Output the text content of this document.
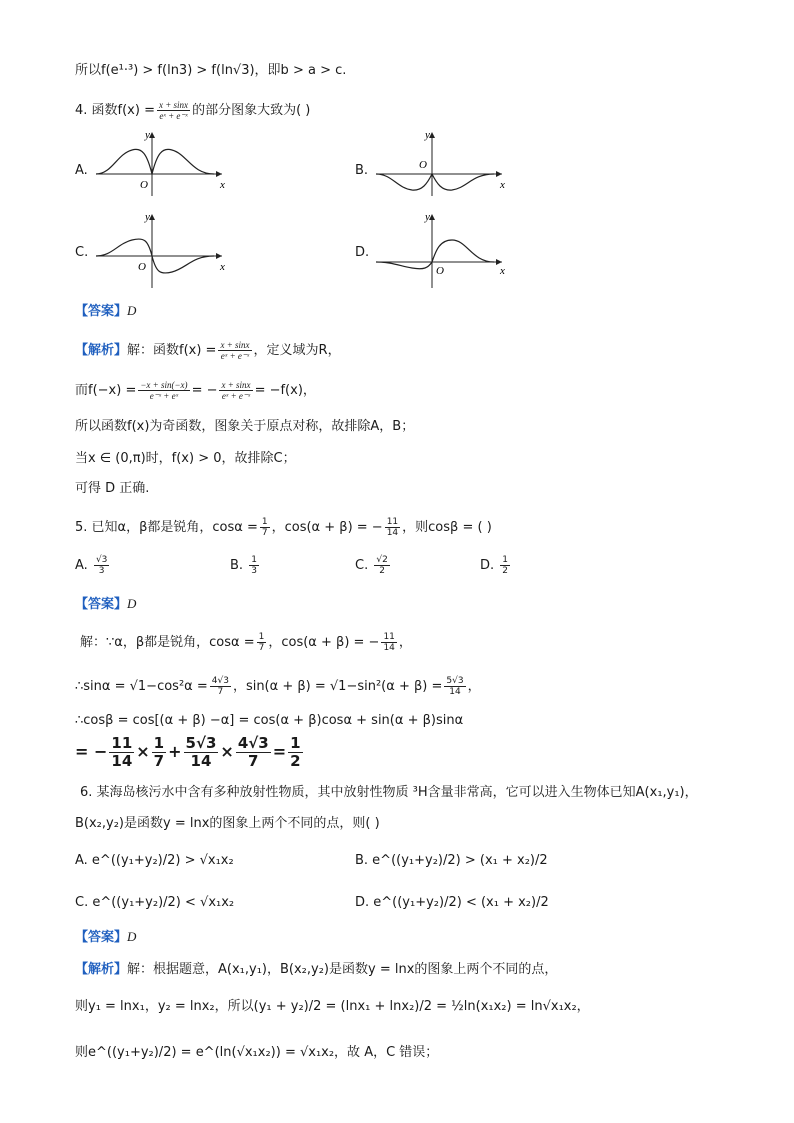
所以f(e¹·³) > f(ln3) > f(ln√3)，即b > a > c.
4. 函数$f(x) = \frac{x + \sin x}{\text{eˣ + e⁻ˣ}}$ 的部分图象大致为( )
A.
y
O	x
B.
y
O
x
C.
y
O	x
D.
y
O	x
【答案】D
【解析】解：函数$f(x) = \frac{x + \sin x}{\text{eˣ + e⁻ˣ}}$ ，定义域为R，
而$f(-x) = \frac{-x + \sin(-x)}{\text{e⁻ˣ + eˣ}}$ = − $\frac{x + \sin x}{\text{eˣ + e⁻ˣ}} = -f(x)$，
所以函数f(x)为奇函数，图象关于原点对称，故排除A，B；
当x ∈ (0,π)时，f(x) > 0，故排除C；
可得 D 正确.
5. 已知α，β都是锐角，$\cos\alpha = \frac{1}{7}$ ，cos(α + β) = − $\frac{11}{14}$ ，则cosβ = ( )
A. $\frac{√3}{3}$	B. $\frac{1}{3}$	C. $\frac{√2}{2}$	D. $\frac{1}{2}$
【答案】D
解：∵α，β都是锐角，$\cos\alpha = \frac{1}{7}$ ，cos(α + β) = − $\frac{11}{14}$ ，
∴sinα = $√1-\cos^2\alpha = \frac{4√3}{7}$ ，$\sin(\alpha + \beta) = √1-\sin^2(\alpha + \beta) = \frac{5√3}{14}$ ，
∴cosβ = cos[(α + β) −α] = cos(α + β)cosα + sin(α + β)sinα
= − $\frac{11}{14} \times \frac{1}{7} + \frac{5√3}{14} \times \frac{4√3}{7} = \frac{1}{2}$
6. 某海岛核污水中含有多种放射性物质，其中放射性物质 ³H含量非常高，它可以进入生物体已知A(x₁,y₁)，
B(x₂,y₂)是函数y = lnx的图象上两个不同的点，则( )
A. e^((y₁+y₂)/2) > √x₁x₂	B. e^((y₁+y₂)/2) > (x₁ + x₂)/2
C. e^((y₁+y₂)/2) < √x₁x₂	D. e^((y₁+y₂)/2) < (x₁ + x₂)/2
【答案】D
【解析】解：根据题意，A(x₁,y₁)，B(x₂,y₂)是函数y = lnx的图象上两个不同的点，
则y₁ = lnx₁，y₂ = lnx₂，所以(y₁ + y₂)/2 = (lnx₁ + lnx₂)/2 = ½ln(x₁x₂) = ln√x₁x₂，
则e^((y₁+y₂)/2) = e^(ln(√x₁x₂)) = √x₁x₂，故 A，C 错误；
